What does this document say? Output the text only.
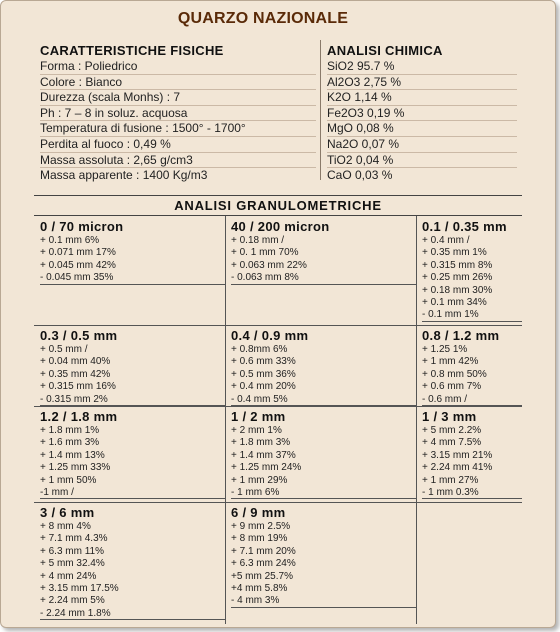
QUARZO NAZIONALE
CARATTERISTICHE FISICHE
Forma : Poliedrico
Colore : Bianco
Durezza (scala Monhs) : 7
Ph : 7 – 8 in soluz. acquosa
Temperatura di fusione : 1500° - 1700°
Perdita al fuoco : 0,49 %
Massa assoluta : 2,65 g/cm3
Massa apparente : 1400 Kg/m3
ANALISI CHIMICA
SiO2 95.7 %
Al2O3 2,75 %
K2O 1,14 %
Fe2O3 0,19 %
MgO 0,08 %
Na2O 0,07 %
TiO2 0,04 %
CaO 0,03 %
ANALISI GRANULOMETRICHE
0 / 70 micron
+ 0.1 mm 6%
+ 0.071 mm 17%
+ 0.045 mm 42%
- 0.045 mm 35%
40 / 200 micron
+ 0.18 mm /
+ 0. 1 mm 70%
+ 0.063 mm 22%
- 0.063 mm 8%
0.1 / 0.35 mm
+ 0.4 mm /
+ 0.35 mm 1%
+ 0.315 mm 8%
+ 0.25 mm 26%
+ 0.18 mm 30%
+ 0.1 mm 34%
- 0.1 mm 1%
0.3 / 0.5 mm
+ 0.5 mm /
+ 0.04 mm 40%
+ 0.35 mm 42%
+ 0.315 mm 16%
- 0.315 mm 2%
0.4 / 0.9 mm
+ 0.8mm 6%
+ 0.6 mm 33%
+ 0.5 mm 36%
+ 0.4 mm 20%
- 0.4 mm 5%
0.8 / 1.2 mm
+ 1.25 1%
+ 1 mm 42%
+ 0.8 mm 50%
+ 0.6 mm 7%
- 0.6 mm /
1.2 / 1.8 mm
+ 1.8 mm 1%
+ 1.6 mm 3%
+ 1.4 mm 13%
+ 1.25 mm 33%
+ 1 mm 50%
-1 mm /
1 / 2 mm
+ 2 mm 1%
+ 1.8 mm 3%
+ 1.4 mm 37%
+ 1.25 mm 24%
+ 1 mm 29%
- 1 mm 6%
1 / 3 mm
+ 5 mm 2.2%
+ 4 mm 7.5%
+ 3.15 mm 21%
+ 2.24 mm 41%
+ 1 mm 27%
- 1 mm 0.3%
3 / 6 mm
+ 8 mm 4%
+ 7.1 mm 4.3%
+ 6.3 mm 11%
+ 5 mm 32.4%
+ 4 mm 24%
+ 3.15 mm 17.5%
+ 2.24 mm 5%
- 2.24 mm 1.8%
6 / 9 mm
+ 9 mm 2.5%
+ 8 mm 19%
+ 7.1 mm 20%
+ 6.3 mm 24%
+5 mm 25.7%
+4 mm 5.8%
- 4 mm 3%
